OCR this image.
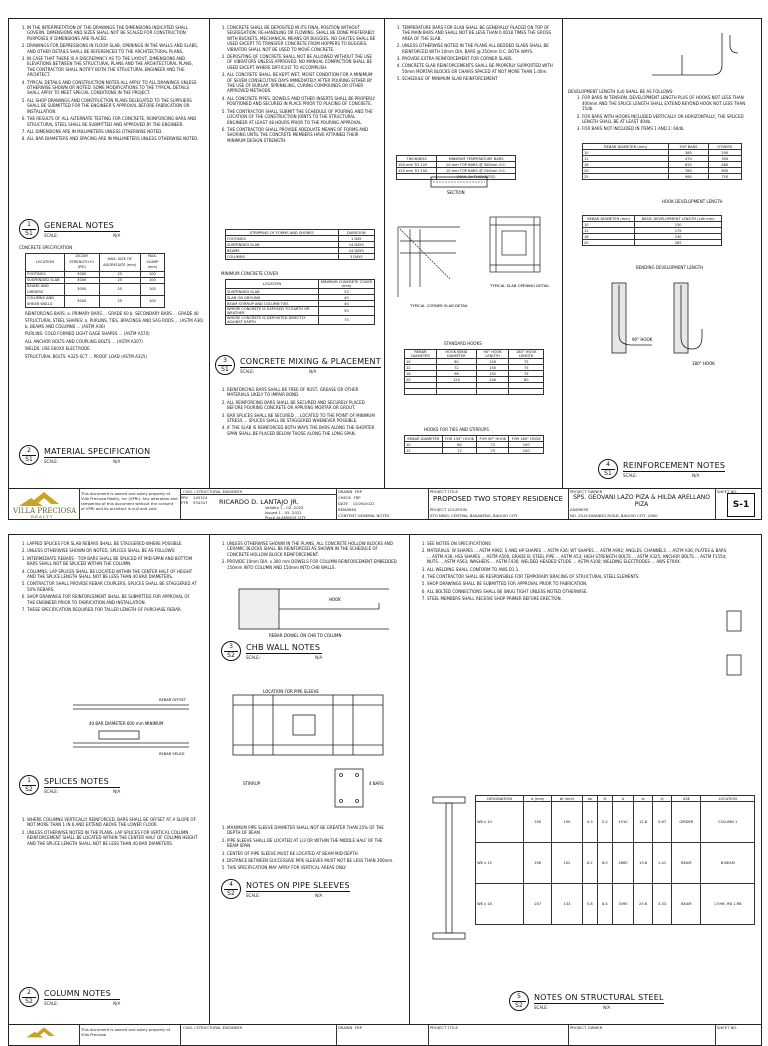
1. IN THE INTERPRETATION OF THE DRAWINGS THE DIMENSIONS INDICATED SHALL GOVERN. DIMENSIONS AND SIZES SHALL NOT BE SCALED FOR CONSTRUCTION PURPOSES IF DIMENSIONS ARE PLACED.
2. DRAWINGS FOR DEPRESSIONS IN FLOOR SLAB, OPENINGS IN THE WALLS AND SLABS, AND OTHER DETAILS SHALL BE REFERENCED TO THE ARCHITECTURAL PLANS.
3. IN CASE THAT THERE IS A DISCREPANCY AS TO THE LAYOUT, DIMENSIONS AND ELEVATIONS BETWEEN THE STRUCTURAL PLANS AND THE ARCHITECTURAL PLANS, THE CONTRACTOR SHALL NOTIFY BOTH THE STRUCTURAL ENGINEER AND THE ARCHITECT.
4. TYPICAL DETAILS AND CONSTRUCTION NOTES ALL APPLY TO ALL DRAWINGS UNLESS OTHERWISE SHOWN OR NOTED. SOME MODIFICATIONS TO THE TYPICAL DETAILS SHALL APPLY TO MEET SPECIAL CONDITIONS IN THE PROJECT.
5. ALL SHOP DRAWINGS AND CONSTRUCTION PLANS DELEGATED TO THE SUPPLIERS SHALL BE SUBMITTED FOR THE ENGINEER'S APPROVAL BEFORE FABRICATION OR INSTALLATION.
6. THE RESULTS OF ALL ALTERNATE TESTING FOR CONCRETE, REINFORCING BARS AND STRUCTURAL STEEL SHALL BE SUBMITTED AND APPROVED BY THE ENGINEER.
7. ALL DIMENSIONS ARE IN MILLIMETERS UNLESS OTHERWISE NOTED.
8. ALL BAR DIAMETERS AND SPACING ARE IN MILLIMETERS UNLESS OTHERWISE NOTED.
1
S1
GENERAL NOTES
SCALE:	N/A
CONCRETE SPECIFICATION
LOCATION	28-DAY STRENGTH f'c (PSI)	MAX. SIZE OF AGGREGATE (mm)	MAX. SLUMP (mm)
FOOTINGS	3000	25	100
SUSPENDED SLAB	3000	25	100
BEAMS AND GIRDERS	3000	25	100
COLUMNS AND SHEAR WALLS	3000	25	100
REINFORCING BARS: a. PRIMARY BARS ... GRADE 60 b. SECONDARY BARS ... GRADE 40
STRUCTURAL STEEL SHAPES: a. PURLINS, TIES, BRACINGS AND SAG RODS ... (ASTM A36) b. BEAMS AND COLUMNS ... (ASTM A36)
PURLINS: COLD FORMED LIGHT GAGE SHAPES ... (ASTM A570)
ALL ANCHOR BOLTS AND COUPLING BOLTS ... (ASTM A307)
WELDS: USE E60XX ELECTRODE
STRUCTURAL BOLTS: A325-SCT ... PROOF LOAD (ASTM A325)
2
S1
MATERIAL SPECIFICATION
SCALE:	N/A
1. CONCRETE SHALL BE DEPOSITED IN ITS FINAL POSITION WITHOUT SEGREGATION, RE-HANDLING OR FLOWING. SHALL BE DONE PREFERABLY WITH BUCKETS, MECHANICAL MEANS OR BUGGIES. NO CHUTES SHALL BE USED EXCEPT TO TRANSFER CONCRETE FROM HOPPERS TO BUGGIES. VIBRATOR SHALL NOT BE USED TO MOVE CONCRETE.
2. DEPOSITING OF CONCRETE SHALL NOT BE ALLOWED WITHOUT THE USE OF VIBRATORS UNLESS APPROVED. NO MANUAL COMPACTION SHALL BE USED EXCEPT WHERE DIFFICULT TO ACCOMPLISH.
3. ALL CONCRETE SHALL BE KEPT WET, MOIST CONDITION FOR A MINIMUM OF SEVEN CONSECUTIVE DAYS IMMEDIATELY AFTER POURING EITHER BY THE USE OF BURLAP, SPRINKLING, CURING COMPOUNDS OR OTHER APPROVED METHODS.
4. ALL CONCRETE PIPES, DOWELS AND OTHER INSERTS SHALL BE PROPERLY POSITIONED AND SECURED IN PLACE PRIOR TO PLACING OF CONCRETE.
5. THE CONTRACTOR SHALL SUBMIT THE SCHEDULE OF POURING AND THE LOCATION OF THE CONSTRUCTION JOINTS TO THE STRUCTURAL ENGINEER AT LEAST 48 HOURS PRIOR TO THE POURING APPROVAL.
6. THE CONTRACTOR SHALL PROVIDE ADEQUATE MEANS OF FORMS AND SHORING UNTIL THE CONCRETE MEMBERS HAVE ATTAINED THEIR MINIMUM DESIGN STRENGTH.
STRIPPING OF FORMS AND SHORES	DURATION
FOOTINGS	1 DAY
SUSPENDED SLAB	14 DAYS
BEAMS	14 DAYS
COLUMNS	3 DAYS
MINIMUM CONCRETE COVER
LOCATION	MINIMUM CONCRETE COVER (mm)
SUSPENDED SLAB	20
SLAB ON GROUND	40
BEAM STIRRUP AND COLUMN TIES	40
WHERE CONCRETE IS EXPOSED TO EARTH OR WEATHER	50
WHERE CONCRETE IS DEPOSITED DIRECTLY AGAINST EARTH	75
3
S1
CONCRETE MIXING & PLACEMENT
SCALE:	N/A
1. REINFORCING BARS SHALL BE FREE OF RUST, GREASE OR OTHER MATERIALS LIKELY TO IMPAIR BOND.
2. ALL REINFORCING BARS SHALL BE SECURED AND SECURELY PLACED BEFORE POURING CONCRETE OR APPLYING MORTAR OR GROUT.
3. BAR SPLICES SHALL BE SECURED ... LOCATED TO THE POINT OF MINIMUM STRESS ... SPLICES SHALL BE STAGGERED WHENEVER POSSIBLE.
4. IF THE SLAB IS REINFORCED BOTH WAYS THE BARS ALONG THE SHORTER SPAN SHALL BE PLACED BELOW THOSE ALONG THE LONG SPAN.
1. TEMPERATURE BARS FOR SLAB SHALL BE GENERALLY PLACED ON TOP OF THE MAIN BARS AND SHALL NOT BE LESS THAN 0.0018 TIMES THE GROSS AREA OF THE SLAB.
2. UNLESS OTHERWISE NOTED IN THE PLANS ALL BEDDED SLABS SHALL BE REINFORCED WITH 10mm DIA. BARS @ 250mm O.C. BOTH WAYS.
3. PROVIDE EXTRA REINFORCEMENT FOR CORNER SLABS.
4. CONCRETE SLAB REINFORCEMENTS SHALL BE PROPERLY SUPPORTED WITH 50mm MORTAR BLOCKS OR CHAIRS SPACED AT NOT MORE THAN 1.00m.
5. SCHEDULE OF MINIMUM SLAB REINFORCEMENT
THICKNESS	MINIMUM TEMPERATURE BARS
100 mm TO 120	10 mm TOP BARS @ 300mm O.C.
125 mm TO 150	10 mm TOP BARS @ 250mm O.C.
	(MAX. 3x THICKNESS)
SECTION
TYPICAL CORNER SLAB DETAIL
TYPICAL SLAB OPENING DETAIL
STANDARD HOOKS
REBAR DIAMETER	HOOK BEND DIAMETER	90° HOOK LENGTH	180° HOOK LENGTH
10	60	150	75
12	72	150	75
16	96	192	75
20	120	240	80

HOOKS FOR TIES AND STIRRUPS
REBAR DIAMETER	FOR 135° HOOK	FOR 90° HOOK	FOR 180° HOOK
10	60	75	100
12	72	75	100
DEVELOPMENT LENGTH (Ld) SHALL BE AS FOLLOWS:
1. FOR BARS IN TENSION, DEVELOPMENT LENGTH PLUS OF HOOKS NOT LESS THAN 400mm AND THE SPLICE LENGTH SHALL EXTEND BEYOND HOOK NOT LESS THAN 15db.
2. FOR BARS WITH HOOKS INCLUDED VERTICALLY OR HORIZONTALLY, THE SPLICED LENGTH SHALL BE AT LEAST 40db.
3. FOR BARS NOT INCLUDED IN ITEMS 1 AND 2: 60db.
REBAR DIAMETER (mm)	TOP BARS	OTHERS
10	380	290
12	470	350
16	620	480
20	780	600
25	980	750
HOOK DEVELOPMENT LENGTH
REBAR DIAMETER (mm)	BASIC DEVELOPMENT LENGTH (Ldh mm)
10	150
12	175
16	230
20	285
BENDING DEVELOPMENT LENGTH
90° HOOK
180° HOOK
4
S1
REINFORCEMENT NOTES
SCALE:	N/A
VILLA PRECIOSA
REALTY
This document is owned and solely property of Villa Preciosa Realty, Inc (VPRI). Any alteration and tampering of this document without the consent of VPRI and its architect is null and void.
CIVIL / STRUCTURAL ENGINEER
PRC
PTR
145324
534347 RICARDO D. LANTAJO JR.
Validity 1 - 02 -2025
Issued 1 - 05 -2022
Place ALAMINOS CITY
DRAWN FRP
CHECK FRP
DATE 10/26/2022
REMARKS
CONTENT GENERAL NOTES
PROJECT TITLE
PROPOSED TWO STOREY RESIDENCE
PROJECT LOCATION
STO NINO, CENTRAL BAKAKENG, BAGUIO CITY
PROJECT OWNER
SPS. GEOVANI LAZO PIZA & HILDA ARELLANO PIZA
ADDRESS
NO. 25-D KINANDO ROAD, BAGUIO CITY, 2600
SHEET NO.
S-1
1. LAPPED SPLICES FOR SLAB REBARS SHALL BE STAGGERED WHERE POSSIBLE.
2. UNLESS OTHERWISE SHOWN OR NOTED, SPLICES SHALL BE AS FOLLOWS:
3. INTERMEDIATE REBARS - TOP BARS SHALL BE SPLICED AT MID-SPAN AND BOTTOM BARS SHALL NOT BE SPLICED WITHIN THE COLUMN.
4. COLUMNS: LAP SPLICES SHALL BE LOCATED WITHIN THE CENTER HALF OF HEIGHT AND THE SPLICE LENGTH SHALL NOT BE LESS THAN 40 BAR DIAMETERS.
5. CONTRACTOR SHALL PROVIDE REBAR COUPLERS, SPLICES SHALL BE STAGGERED AT 50% REBARS.
6. SHOP DRAWINGS FOR REINFORCEMENT SHALL BE SUBMITTED FOR APPROVAL OF THE ENGINEER PRIOR TO FABRICATION AND INSTALLATION.
7. THESE SPECIFICATION REQUIRED FOR TALLER LENGTH OF PURCHASE REBAR.
40 BAR DIAMETER 600 mm MINIMUM
REBAR OFFSET
REBAR SPLICE
1
S2
SPLICES NOTES
SCALE:	N/A
1. WHERE COLUMNS VERTICALLY REINFORCED, BARS SHALL BE OFFSET AT A SLOPE OF NOT MORE THAN 1 IN 6 AND EXTEND ABOVE THE LOWER FLOOR.
2. UNLESS OTHERWISE NOTED IN THE PLANS, LAP SPLICES FOR VERTICAL COLUMN REINFORCEMENT SHALL BE LOCATED WITHIN THE CENTER HALF OF COLUMN HEIGHT AND THE SPLICE LENGTH SHALL NOT BE LESS THAN 40 BAR DIAMETERS.
2
S2
COLUMN NOTES
SCALE:	N/A
1. UNLESS OTHERWISE SHOWN IN THE PLANS, ALL CONCRETE HOLLOW BLOCKS AND CERAMIC BLOCKS SHALL BE REINFORCED AS SHOWN IN THE SCHEDULE OF CONCRETE HOLLOW BLOCK REINFORCEMENT.
2. PROVIDE 10mm DIA. x 300 mm DOWELS FOR COLUMN REINFORCEMENT EMBEDDED 150mm INTO COLUMN AND 150mm INTO CHB WALLS.
HOOK
REBAR DOWEL ON CHB TO COLUMN
3
S2
CHB WALL NOTES
SCALE:	N/A
LOCATION FOR PIPE SLEEVE
4 BARS
STIRRUP
1. MAXIMUM PIPE SLEEVE DIAMETER SHALL NOT BE GREATER THAN 25% OF THE DEPTH OF BEAM.
2. PIPE SLEEVE SHALL BE LOCATED AT L/3 OR WITHIN THE MIDDLE HALF OF THE BEAM SPAN.
3. CENTER OF PIPE SLEEVE MUST BE LOCATED AT BEAM MID-DEPTH.
4. DISTANCE BETWEEN SUCCESSIVE PIPE SLEEVES MUST NOT BE LESS THAN 300mm.
5. THIS SPECIFICATION MAY APPLY FOR VERTICAL AREAS ONLY.
4
S2
NOTES ON PIPE SLEEVES
SCALE:	N/A
1. SEE NOTES ON SPECIFICATIONS.
2. MATERIALS: W SHAPES ... ASTM A992; S AND HP SHAPES ... ASTM A36; WT SHAPES ... ASTM A992; ANGLES, CHANNELS ... ASTM A36; PLATES & BARS ... ASTM A36; HSS SHAPES ... ASTM A500, GRADE B; STEEL PIPE ... ASTM A53; HIGH STRENGTH BOLTS ... ASTM A325; ANCHOR BOLTS ... ASTM F1554; NUTS ... ASTM A563; WASHERS ... ASTM F436; WELDED HEADED STUDS ... ASTM A108; WELDING ELECTRODES ... AWS E70XX.
3. ALL WELDING SHALL CONFORM TO AWS D1.1.
4. THE CONTRACTOR SHALL BE RESPONSIBLE FOR TEMPORARY BRACING OF STRUCTURAL STEEL ELEMENTS.
5. SHOP DRAWINGS SHALL BE SUBMITTED FOR APPROVAL PRIOR TO FABRICATION.
6. ALL BOLTED CONNECTIONS SHALL BE SNUG TIGHT UNLESS NOTED OTHERWISE.
7. STEEL MEMBERS SHALL RECEIVE SHOP PRIMER BEFORE ERECTION.
DESIGNATION	d (mm)	bf (mm)	tw	tf	A	Ix	Iy	USE	LOCATION
W8 x 10	200	100	4.3	5.2	1910	12.8	0.87	GIRDER	COLUMN 1
W8 x 15	206	102	6.2	8.0	2860	19.8	1.41	BEAM	B-BEAM
W8 x 18	207	133	5.8	8.4	3390	25.6	3.33	BEAM	1 EHB, RB 1-RB
5
S2
NOTES ON STRUCTURAL STEEL
SCALE:	N/A
This document is owned and solely property of Villa Preciosa
CIVIL / STRUCTURAL ENGINEER	DRAWN FRP	PROJECT TITLE	PROJECT OWNER	SHEET NO.
